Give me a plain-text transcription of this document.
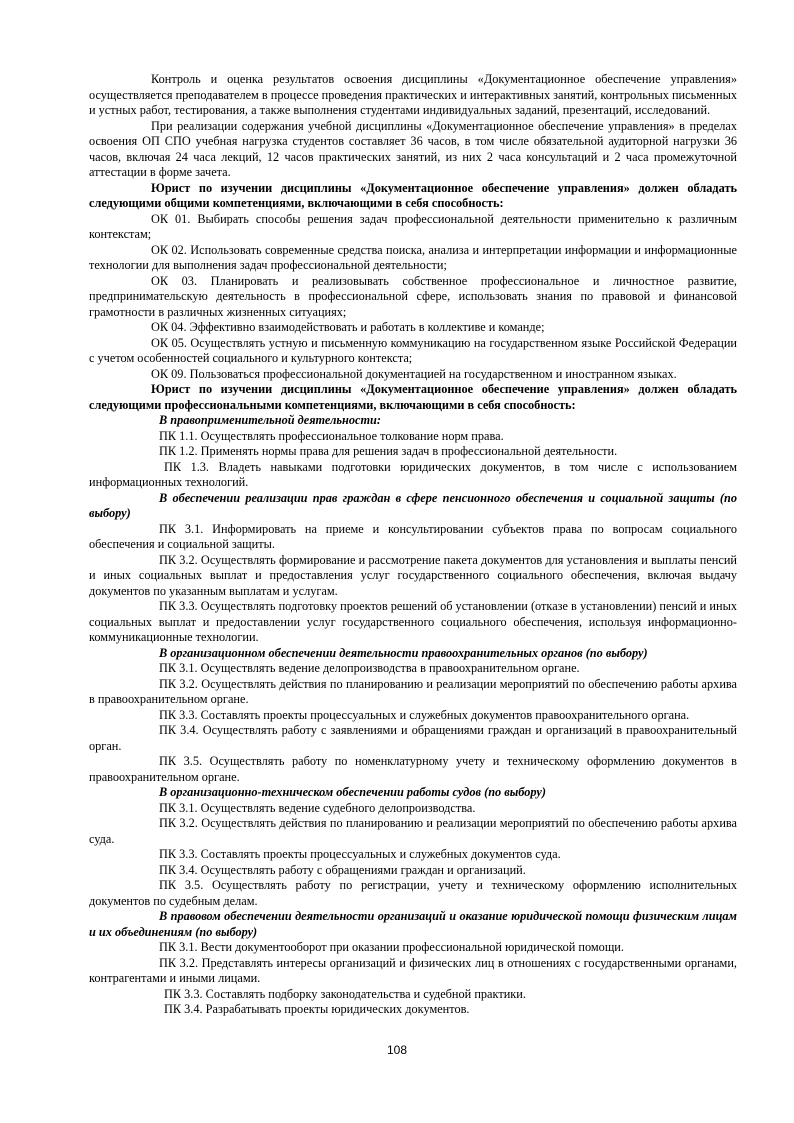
Контроль и оценка результатов освоения дисциплины «Документационное обеспечение управления» осуществляется преподавателем в процессе проведения практических и интерактивных занятий, контрольных письменных и устных работ, тестирования, а также выполнения студентами индивидуальных заданий, презентаций, исследований.

При реализации содержания учебной дисциплины «Документационное обеспечение управления» в пределах освоения ОП СПО учебная нагрузка студентов составляет 36 часов, в том числе обязательной аудиторной нагрузки 36 часов, включая 24 часа лекций, 12 часов практических занятий, из них 2 часа консультаций и 2 часа промежуточной аттестации в форме зачета.

Юрист по изучении дисциплины «Документационное обеспечение управления» должен обладать следующими общими компетенциями, включающими в себя способность:

ОК 01. Выбирать способы решения задач профессиональной деятельности применительно к различным контекстам;

ОК 02. Использовать современные средства поиска, анализа и интерпретации информации и информационные технологии для выполнения задач профессиональной деятельности;

ОК 03. Планировать и реализовывать собственное профессиональное и личностное развитие, предпринимательскую деятельность в профессиональной сфере, использовать знания по правовой и финансовой грамотности в различных жизненных ситуациях;

ОК 04. Эффективно взаимодействовать и работать в коллективе и команде;

ОК 05. Осуществлять устную и письменную коммуникацию на государственном языке Российской Федерации с учетом особенностей социального и культурного контекста;

ОК 09. Пользоваться профессиональной документацией на государственном и иностранном языках.

Юрист по изучении дисциплины «Документационное обеспечение управления» должен обладать следующими профессиональными компетенциями, включающими в себя способность:

В правоприменительной деятельности:

ПК 1.1. Осуществлять профессиональное толкование норм права.

ПК 1.2. Применять нормы права для решения задач в профессиональной деятельности.

ПК 1.3. Владеть навыками подготовки юридических документов, в том числе с использованием информационных технологий.

В обеспечении реализации прав граждан в сфере пенсионного обеспечения и социальной защиты (по выбору)

ПК 3.1. Информировать на приеме и консультировании субъектов права по вопросам социального обеспечения и социальной защиты.

ПК 3.2. Осуществлять формирование и рассмотрение пакета документов для установления и выплаты пенсий и иных социальных выплат и предоставления услуг государственного социального обеспечения, включая выдачу документов по указанным выплатам и услугам.

ПК 3.3. Осуществлять подготовку проектов решений об установлении (отказе в установлении) пенсий и иных социальных выплат и предоставлении услуг государственного социального обеспечения, используя информационно-коммуникационные технологии.

В организационном обеспечении деятельности правоохранительных органов (по выбору)

ПК 3.1. Осуществлять ведение делопроизводства в правоохранительном органе.

ПК 3.2. Осуществлять действия по планированию и реализации мероприятий по обеспечению работы архива в правоохранительном органе.

ПК 3.3. Составлять проекты процессуальных и служебных документов правоохранительного органа.

ПК 3.4. Осуществлять работу с заявлениями и обращениями граждан и организаций в правоохранительный орган.

ПК 3.5. Осуществлять работу по номенклатурному учету и техническому оформлению документов в правоохранительном органе.

В организационно-техническом обеспечении работы судов (по выбору)

ПК 3.1. Осуществлять ведение судебного делопроизводства.

ПК 3.2. Осуществлять действия по планированию и реализации мероприятий по обеспечению работы архива суда.

ПК 3.3. Составлять проекты процессуальных и служебных документов суда.

ПК 3.4. Осуществлять работу с обращениями граждан и организаций.

ПК 3.5. Осуществлять работу по регистрации, учету и техническому оформлению исполнительных документов по судебным делам.

В правовом обеспечении деятельности организаций и оказание юридической помощи физическим лицам и их объединениям (по выбору)

ПК 3.1. Вести документооборот при оказании профессиональной юридической помощи.

ПК 3.2. Представлять интересы организаций и физических лиц в отношениях с государственными органами, контрагентами и иными лицами.

ПК 3.3. Составлять подборку законодательства и судебной практики.

ПК 3.4. Разрабатывать проекты юридических документов.

108
